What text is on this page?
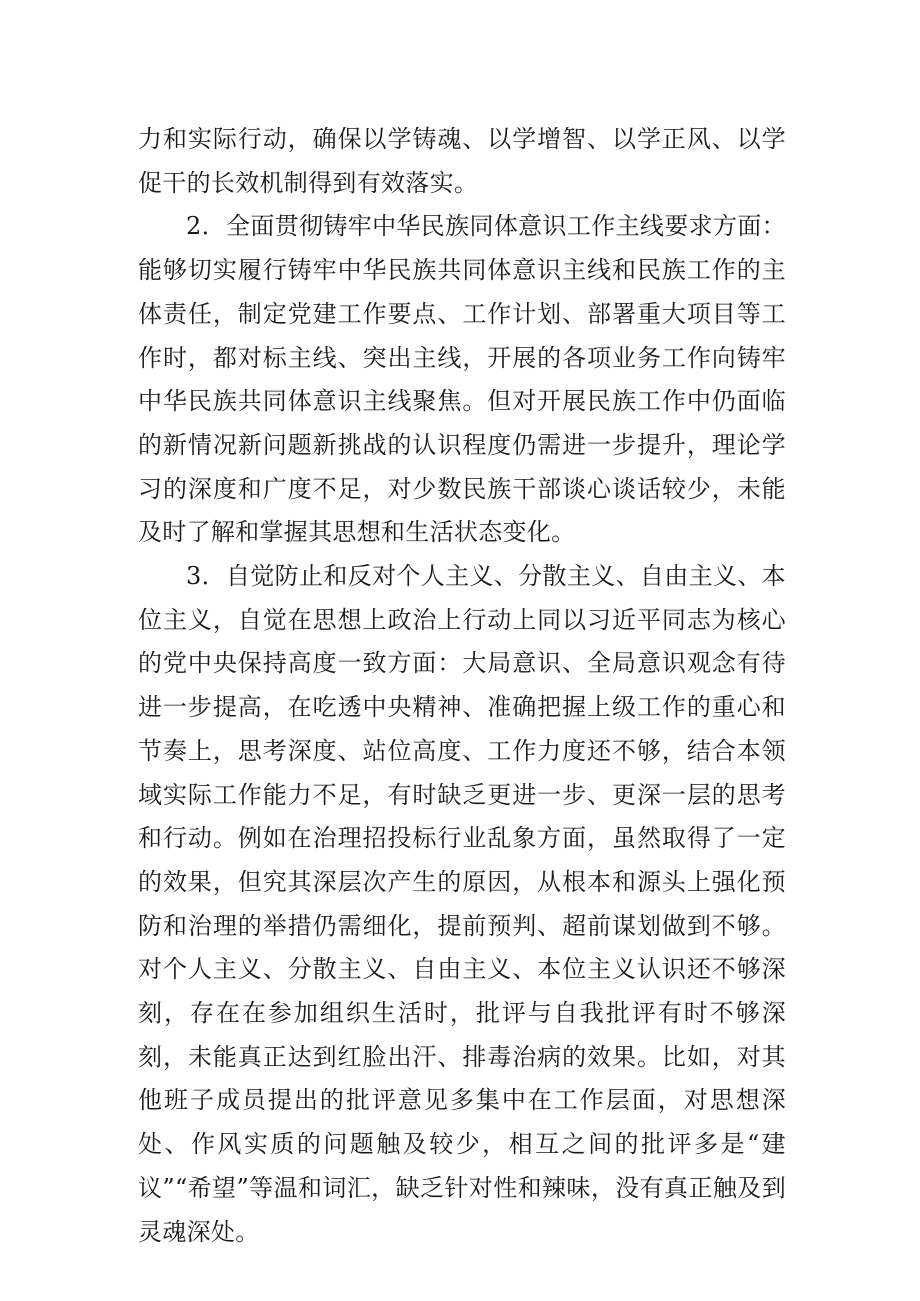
力和实际行动，确保以学铸魂、以学增智、以学正风、以学促干的长效机制得到有效落实。

2．全面贯彻铸牢中华民族同体意识工作主线要求方面：能够切实履行铸牢中华民族共同体意识主线和民族工作的主体责任，制定党建工作要点、工作计划、部署重大项目等工作时，都对标主线、突出主线，开展的各项业务工作向铸牢中华民族共同体意识主线聚焦。但对开展民族工作中仍面临的新情况新问题新挑战的认识程度仍需进一步提升，理论学习的深度和广度不足，对少数民族干部谈心谈话较少，未能及时了解和掌握其思想和生活状态变化。

3．自觉防止和反对个人主义、分散主义、自由主义、本位主义，自觉在思想上政治上行动上同以习近平同志为核心的党中央保持高度一致方面：大局意识、全局意识观念有待进一步提高，在吃透中央精神、准确把握上级工作的重心和节奏上，思考深度、站位高度、工作力度还不够，结合本领域实际工作能力不足，有时缺乏更进一步、更深一层的思考和行动。例如在治理招投标行业乱象方面，虽然取得了一定的效果，但究其深层次产生的原因，从根本和源头上强化预防和治理的举措仍需细化，提前预判、超前谋划做到不够。对个人主义、分散主义、自由主义、本位主义认识还不够深刻，存在在参加组织生活时，批评与自我批评有时不够深刻，未能真正达到红脸出汗、排毒治病的效果。比如，对其他班子成员提出的批评意见多集中在工作层面，对思想深处、作风实质的问题触及较少，相互之间的批评多是“建议”“希望”等温和词汇，缺乏针对性和辣味，没有真正触及到灵魂深处。
